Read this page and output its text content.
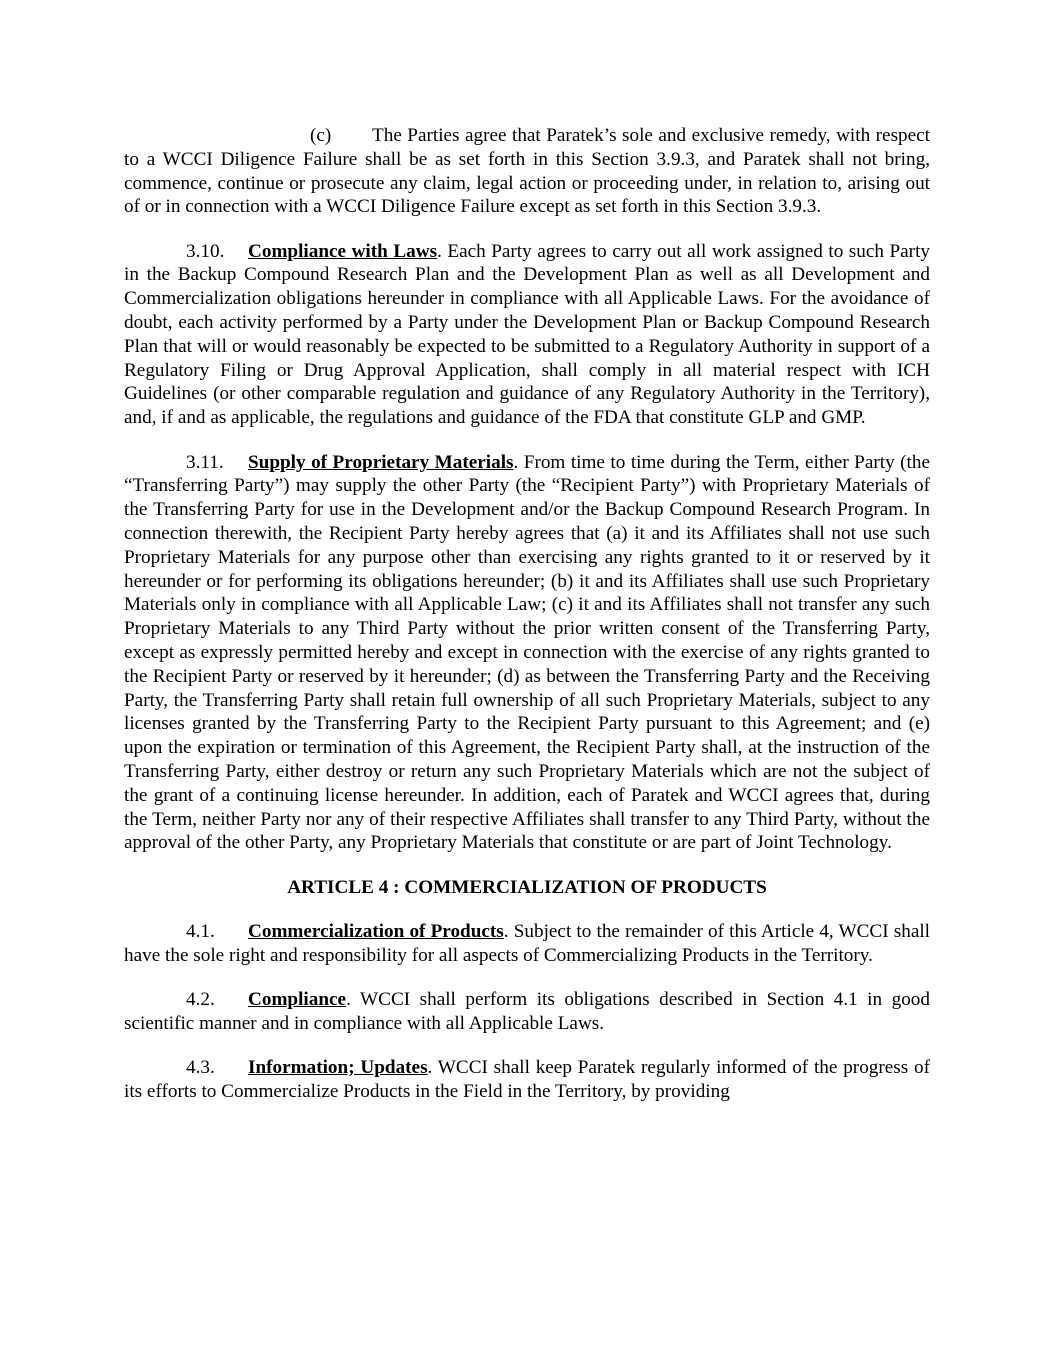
(c) The Parties agree that Paratek’s sole and exclusive remedy, with respect to a WCCI Diligence Failure shall be as set forth in this Section 3.9.3, and Paratek shall not bring, commence, continue or prosecute any claim, legal action or proceeding under, in relation to, arising out of or in connection with a WCCI Diligence Failure except as set forth in this Section 3.9.3.

3.10. Compliance with Laws. Each Party agrees to carry out all work assigned to such Party in the Backup Compound Research Plan and the Development Plan as well as all Development and Commercialization obligations hereunder in compliance with all Applicable Laws. For the avoidance of doubt, each activity performed by a Party under the Development Plan or Backup Compound Research Plan that will or would reasonably be expected to be submitted to a Regulatory Authority in support of a Regulatory Filing or Drug Approval Application, shall comply in all material respect with ICH Guidelines (or other comparable regulation and guidance of any Regulatory Authority in the Territory), and, if and as applicable, the regulations and guidance of the FDA that constitute GLP and GMP.

3.11. Supply of Proprietary Materials. From time to time during the Term, either Party (the “Transferring Party”) may supply the other Party (the “Recipient Party”) with Proprietary Materials of the Transferring Party for use in the Development and/or the Backup Compound Research Program. In connection therewith, the Recipient Party hereby agrees that (a) it and its Affiliates shall not use such Proprietary Materials for any purpose other than exercising any rights granted to it or reserved by it hereunder or for performing its obligations hereunder; (b) it and its Affiliates shall use such Proprietary Materials only in compliance with all Applicable Law; (c) it and its Affiliates shall not transfer any such Proprietary Materials to any Third Party without the prior written consent of the Transferring Party, except as expressly permitted hereby and except in connection with the exercise of any rights granted to the Recipient Party or reserved by it hereunder; (d) as between the Transferring Party and the Receiving Party, the Transferring Party shall retain full ownership of all such Proprietary Materials, subject to any licenses granted by the Transferring Party to the Recipient Party pursuant to this Agreement; and (e) upon the expiration or termination of this Agreement, the Recipient Party shall, at the instruction of the Transferring Party, either destroy or return any such Proprietary Materials which are not the subject of the grant of a continuing license hereunder. In addition, each of Paratek and WCCI agrees that, during the Term, neither Party nor any of their respective Affiliates shall transfer to any Third Party, without the approval of the other Party, any Proprietary Materials that constitute or are part of Joint Technology.

ARTICLE 4 : COMMERCIALIZATION OF PRODUCTS

4.1. Commercialization of Products. Subject to the remainder of this Article 4, WCCI shall have the sole right and responsibility for all aspects of Commercializing Products in the Territory.

4.2. Compliance. WCCI shall perform its obligations described in Section 4.1 in good scientific manner and in compliance with all Applicable Laws.

4.3. Information; Updates. WCCI shall keep Paratek regularly informed of the progress of its efforts to Commercialize Products in the Field in the Territory, by providing
